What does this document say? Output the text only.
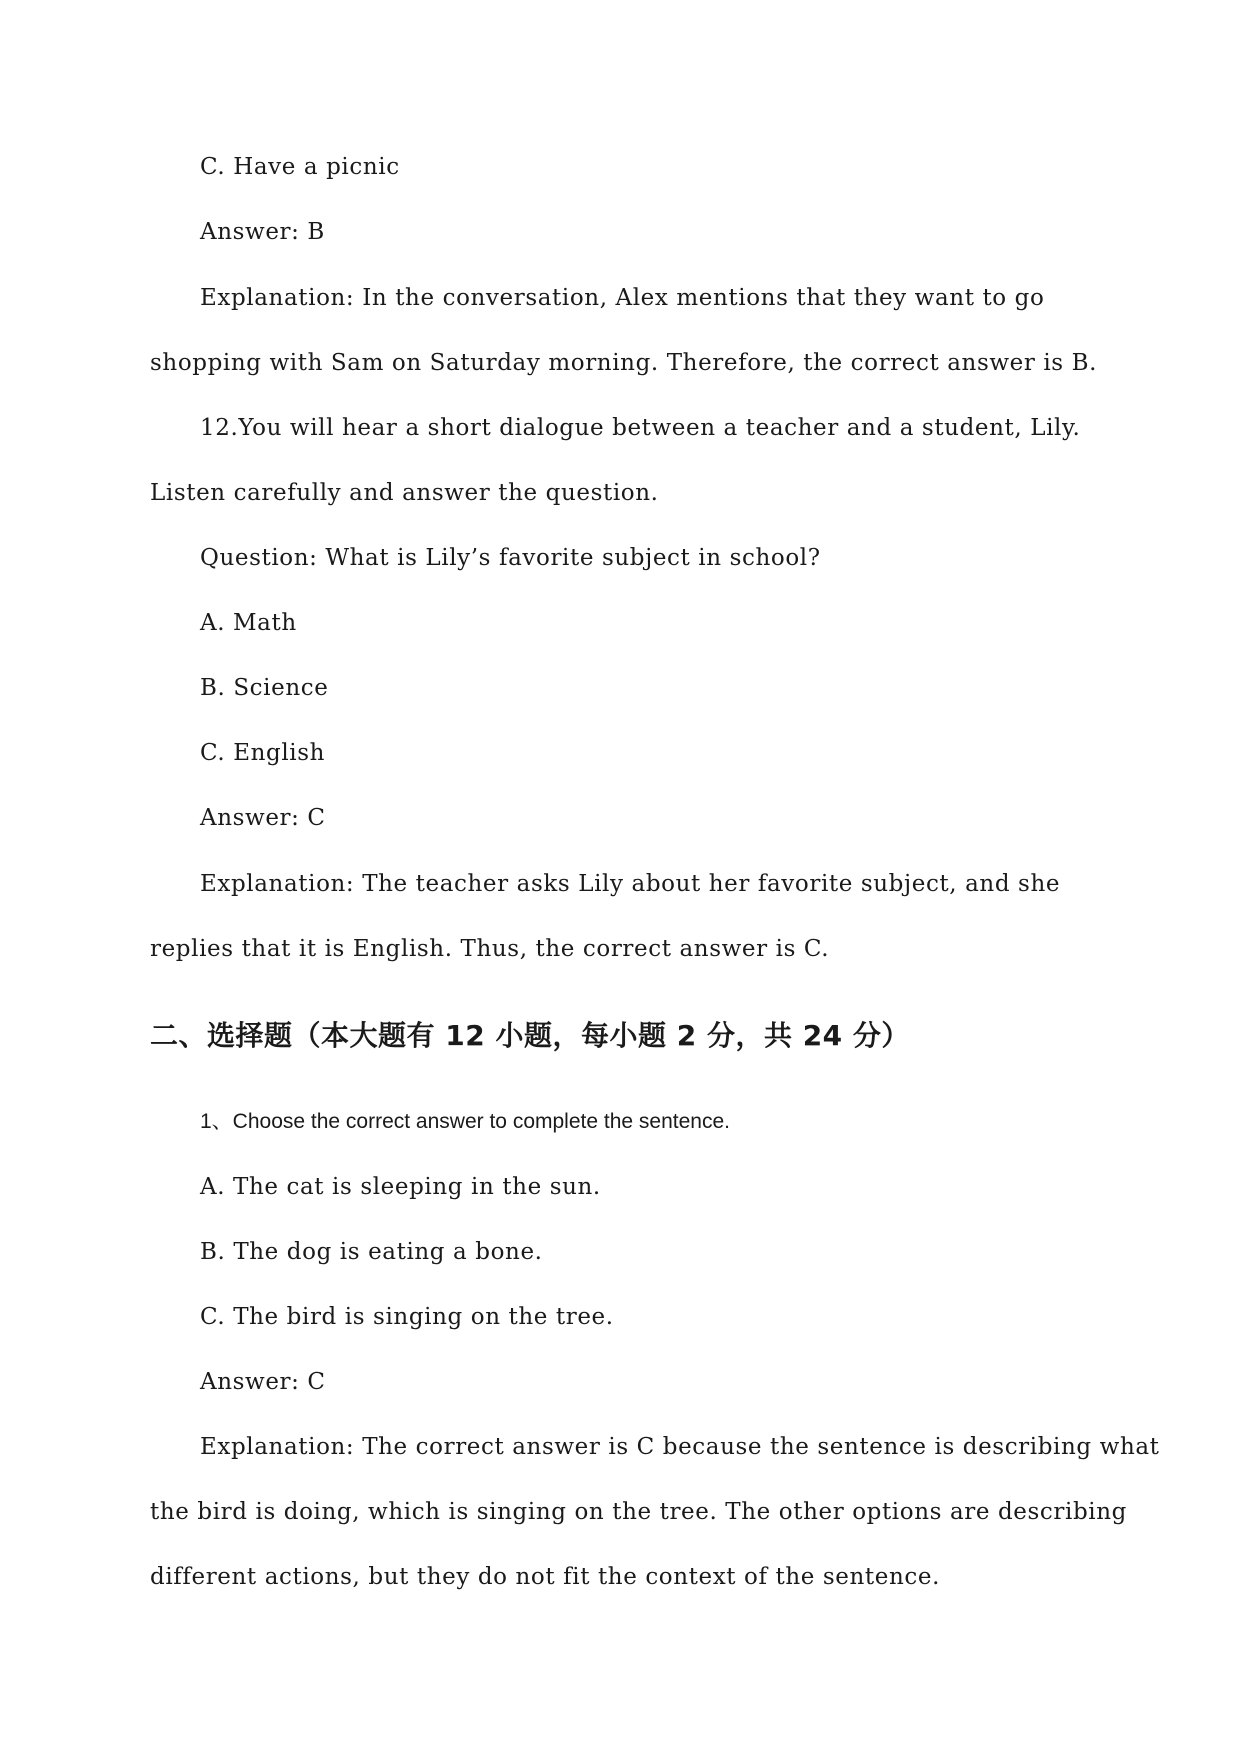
C. Have a picnic
Answer: B
Explanation: In the conversation, Alex mentions that they want to go
shopping with Sam on Saturday morning. Therefore, the correct answer is B.
12.You will hear a short dialogue between a teacher and a student, Lily.
Listen carefully and answer the question.
Question: What is Lily’s favorite subject in school?
A. Math
B. Science
C. English
Answer: C
Explanation: The teacher asks Lily about her favorite subject, and she
replies that it is English. Thus, the correct answer is C.
二、选择题（本大题有 12 小题，每小题 2 分，共 24 分）
1、Choose the correct answer to complete the sentence.
A. The cat is sleeping in the sun.
B. The dog is eating a bone.
C. The bird is singing on the tree.
Answer: C
Explanation: The correct answer is C because the sentence is describing what
the bird is doing, which is singing on the tree. The other options are describing
different actions, but they do not fit the context of the sentence.
